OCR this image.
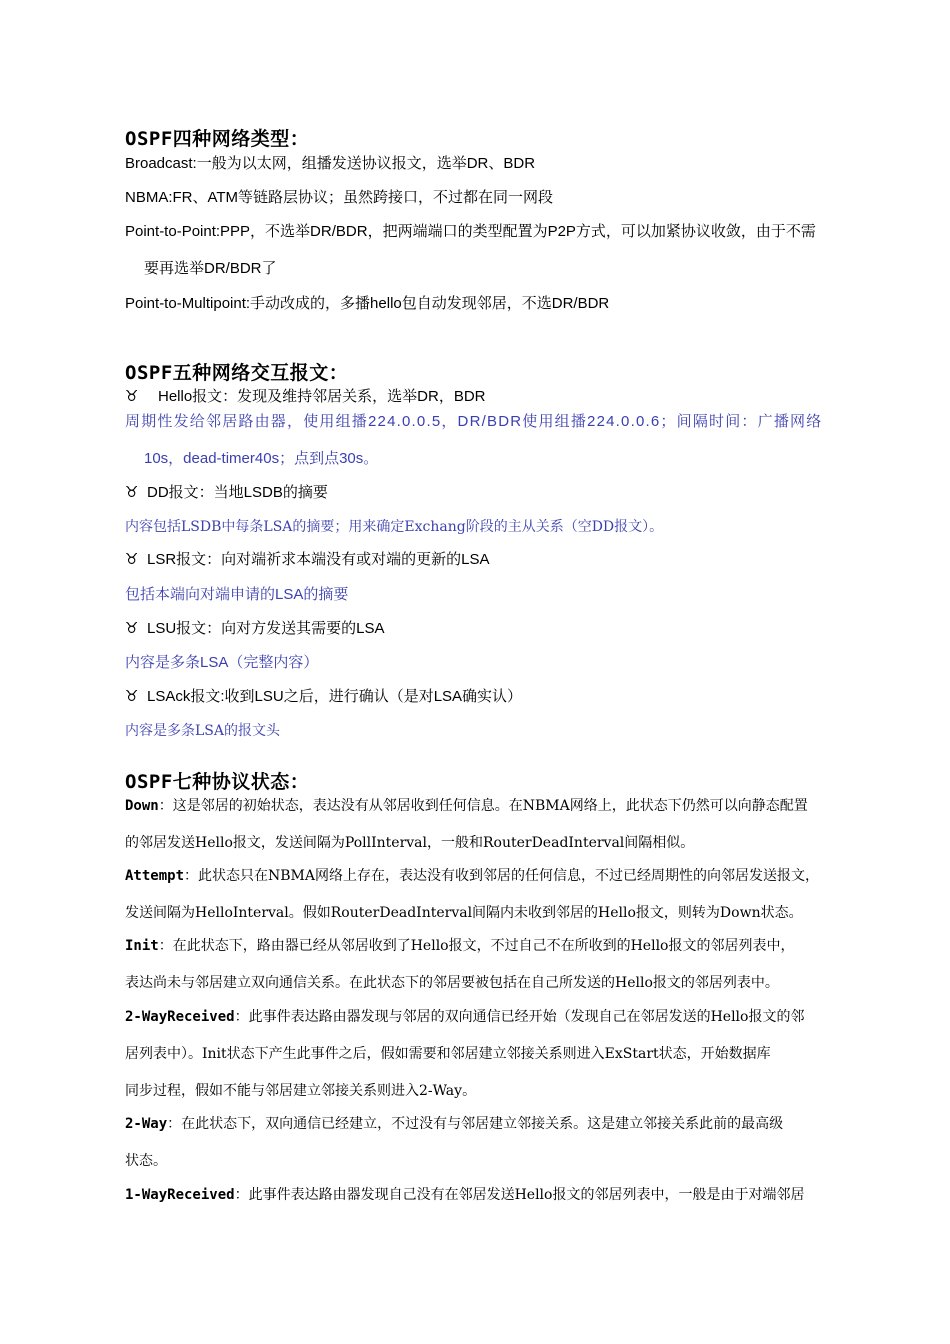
OSPF四种网络类型：
Broadcast:一般为以太网，组播发送协议报文，选举DR、BDR
NBMA:FR、ATM等链路层协议；虽然跨接口，不过都在同一网段
Point-to-Point:PPP，不选举DR/BDR，把两端端口的类型配置为P2P方式，可以加紧协议收敛，由于不需
要再选举DR/BDR了
Point-to-Multipoint:手动改成的，多播hello包自动发现邻居，不选DR/BDR
OSPF五种网络交互报文：
♉ Hello报文：发现及维持邻居关系，选举DR，BDR
周期性发给邻居路由器，使用组播224.0.0.5，DR/BDR使用组播224.0.0.6；间隔时间：广播网络
10s，dead-timer40s；点到点30s。
♉ DD报文：当地LSDB的摘要
内容包括LSDB中每条LSA的摘要；用来确定Exchang阶段的主从关系（空DD报文）。
♉ LSR报文：向对端祈求本端没有或对端的更新的LSA
包括本端向对端申请的LSA的摘要
♉ LSU报文：向对方发送其需要的LSA
内容是多条LSA（完整内容）
♉ LSAck报文:收到LSU之后，进行确认（是对LSA确实认）
内容是多条LSA的报文头
OSPF七种协议状态：
Down：这是邻居的初始状态，表达没有从邻居收到任何信息。在NBMA网络上，此状态下仍然可以向静态配置
的邻居发送Hello报文，发送间隔为PollInterval，一般和RouterDeadInterval间隔相似。
Attempt：此状态只在NBMA网络上存在，表达没有收到邻居的任何信息，不过已经周期性的向邻居发送报文，
发送间隔为HelloInterval。假如RouterDeadInterval间隔内未收到邻居的Hello报文，则转为Down状态。
Init：在此状态下，路由器已经从邻居收到了Hello报文，不过自己不在所收到的Hello报文的邻居列表中，
表达尚未与邻居建立双向通信关系。在此状态下的邻居要被包括在自己所发送的Hello报文的邻居列表中。
2-WayReceived：此事件表达路由器发现与邻居的双向通信已经开始（发现自己在邻居发送的Hello报文的邻
居列表中）。Init状态下产生此事件之后，假如需要和邻居建立邻接关系则进入ExStart状态，开始数据库
同步过程，假如不能与邻居建立邻接关系则进入2-Way。
2-Way：在此状态下，双向通信已经建立，不过没有与邻居建立邻接关系。这是建立邻接关系此前的最高级
状态。
1-WayReceived：此事件表达路由器发现自己没有在邻居发送Hello报文的邻居列表中，一般是由于对端邻居
